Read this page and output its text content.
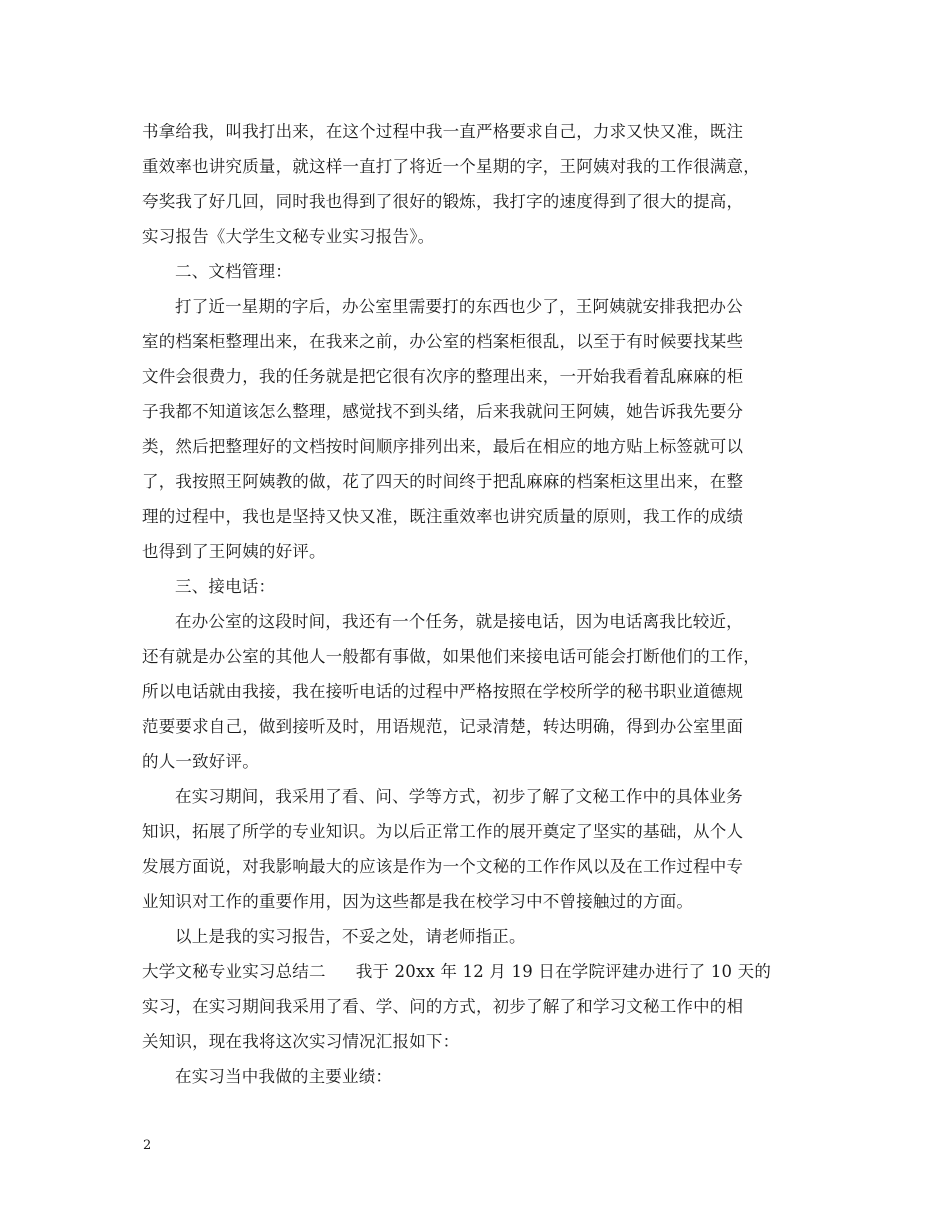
书拿给我，叫我打出来，在这个过程中我一直严格要求自己，力求又快又准，既注
重效率也讲究质量，就这样一直打了将近一个星期的字，王阿姨对我的工作很满意，
夸奖我了好几回，同时我也得到了很好的锻炼，我打字的速度得到了很大的提高，
实习报告《大学生文秘专业实习报告》。
二、文档管理：
打了近一星期的字后，办公室里需要打的东西也少了，王阿姨就安排我把办公
室的档案柜整理出来，在我来之前，办公室的档案柜很乱，以至于有时候要找某些
文件会很费力，我的任务就是把它很有次序的整理出来，一开始我看着乱麻麻的柜
子我都不知道该怎么整理，感觉找不到头绪，后来我就问王阿姨，她告诉我先要分
类，然后把整理好的文档按时间顺序排列出来，最后在相应的地方贴上标签就可以
了，我按照王阿姨教的做，花了四天的时间终于把乱麻麻的档案柜这里出来，在整
理的过程中，我也是坚持又快又准，既注重效率也讲究质量的原则，我工作的成绩
也得到了王阿姨的好评。
三、接电话：
在办公室的这段时间，我还有一个任务，就是接电话，因为电话离我比较近，
还有就是办公室的其他人一般都有事做，如果他们来接电话可能会打断他们的工作，
所以电话就由我接，我在接听电话的过程中严格按照在学校所学的秘书职业道德规
范要要求自己，做到接听及时，用语规范，记录清楚，转达明确，得到办公室里面
的人一致好评。
在实习期间，我采用了看、问、学等方式，初步了解了文秘工作中的具体业务
知识，拓展了所学的专业知识。为以后正常工作的展开奠定了坚实的基础，从个人
发展方面说，对我影响最大的应该是作为一个文秘的工作作风以及在工作过程中专
业知识对工作的重要作用，因为这些都是我在校学习中不曾接触过的方面。
以上是我的实习报告，不妥之处，请老师指正。
大学文秘专业实习总结二 我于 20xx 年 12 月 19 日在学院评建办进行了 10 天的
实习，在实习期间我采用了看、学、问的方式，初步了解了和学习文秘工作中的相
关知识，现在我将这次实习情况汇报如下：
在实习当中我做的主要业绩：
2
